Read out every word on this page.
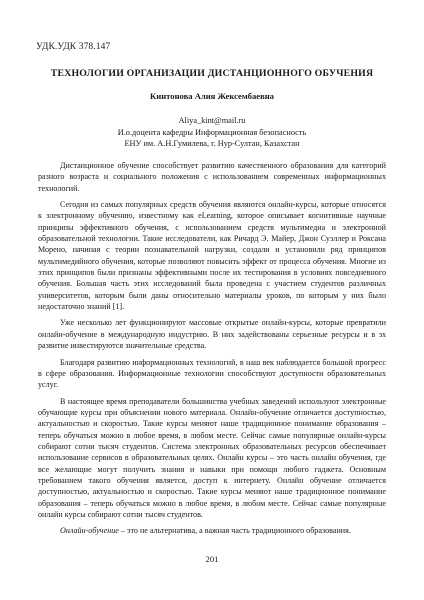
УДК.УДК 378.147
ТЕХНОЛОГИИ ОРГАНИЗАЦИИ ДИСТАНЦИОННОГО ОБУЧЕНИЯ
Кинтонова Алия Жексембаевна
Aliya_kint@mail.ru
И.о.доцента кафедры Информационная безопасность
ЕНУ им. А.Н.Гумилева, г. Нур-Султан, Казахстан

Дистанционное обучение способствует развитию качественного образования для категорий разного возраста и социального положения с использованием современных информационных технологий.

Сегодня из самых популярных средств обучения являются онлайн-курсы, которые относятся к электронному обучению, известному как eLearning, которое описывает когнитивные научные принципы эффективного обучения, с использованием средств мультимедиа и электронной образовательной технологии. Такие исследователи, как Ричард Э. Майер, Джон Суэллер и Роксана Морено, начиная с теории познавательной нагрузки, создали и установили ряд принципов мультимедийного обучения, которые позволяют повысить эффект от процесса обучения. Многие из этих принципов были признаны эффективными после их тестирования в условиях повседневного обучения. Большая часть этих исследований была проведена с участием студентов различных университетов, которым были даны относительно материалы уроков, по которым у них было недостаточно знаний [1].

Уже несколько лет функционируют массовые открытые онлайн-курсы, которые превратили онлайн-обучение в международную индустрию. В них задействованы серьезные ресурсы и в эх развитие инвестируются значительные средства.

Благодаря развитию информационных технологий, в наш век наблюдается большой прогресс в сфере образования. Информационные технологии способствуют доступности образовательных услуг.

В настоящее время преподаватели большинства учебных заведений используют электронные обучающие курсы при объяснении нового материала. Онлайн-обучение отличается доступностью, актуальностью и скоростью. Такие курсы меняют наше традиционное понимание образования – теперь обучаться можно в любое время, в любом месте. Сейчас самые популярные онлайн-курсы собирают сотни тысяч студентов. Система электронных образовательных ресурсов обеспечивает использование сервисов в образовательных целях. Онлайн курсы – это часть онлайн обучения, где все желающие могут получить знания и навыки при помощи любого гаджета. Основным требованием такого обучения является, доступ к интернету. Онлайн обучение отличается доступностью, актуальностью и скоростью. Такие курсы меняют наше традиционное понимание образования – теперь обучаться можно в любое время, в любом месте. Сейчас самые популярные онлайн курсы собирают сотни тысяч студентов.

Онлайн-обучение – это не альтернатива, а важная часть традиционного образования.

201
